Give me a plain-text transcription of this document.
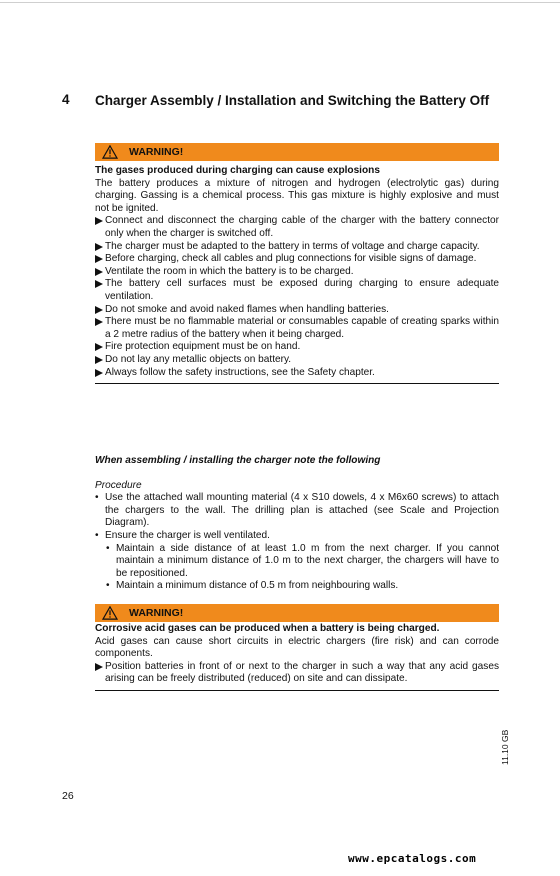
4 Charger Assembly / Installation and Switching the Battery Off
WARNING!
The gases produced during charging can cause explosions

The battery produces a mixture of nitrogen and hydrogen (electrolytic gas) during charging. Gassing is a chemical process. This gas mixture is highly explosive and must not be ignited.

Connect and disconnect the charging cable of the charger with the battery connector only when the charger is switched off.
The charger must be adapted to the battery in terms of voltage and charge capacity.
Before charging, check all cables and plug connections for visible signs of damage.
Ventilate the room in which the battery is to be charged.
The battery cell surfaces must be exposed during charging to ensure adequate ventilation.
Do not smoke and avoid naked flames when handling batteries.
There must be no flammable material or consumables capable of creating sparks within a 2 metre radius of the battery when it being charged.
Fire protection equipment must be on hand.
Do not lay any metallic objects on battery.
Always follow the safety instructions, see the Safety chapter.
When assembling / installing the charger note the following
Procedure
• Use the attached wall mounting material (4 x S10 dowels, 4 x M6x60 screws) to attach the chargers to the wall. The drilling plan is attached (see Scale and Projection Diagram).
• Ensure the charger is well ventilated.
• Maintain a side distance of at least 1.0 m from the next charger. If you cannot maintain a minimum distance of 1.0 m to the next charger, the chargers will have to be repositioned.
• Maintain a minimum distance of 0.5 m from neighbouring walls.
WARNING!
Corrosive acid gases can be produced when a battery is being charged.

Acid gases can cause short circuits in electric chargers (fire risk) and can corrode components.

Position batteries in front of or next to the charger in such a way that any acid gases arising can be freely distributed (reduced) on site and can dissipate.
11.10 GB
26
www.epcatalogs.com
